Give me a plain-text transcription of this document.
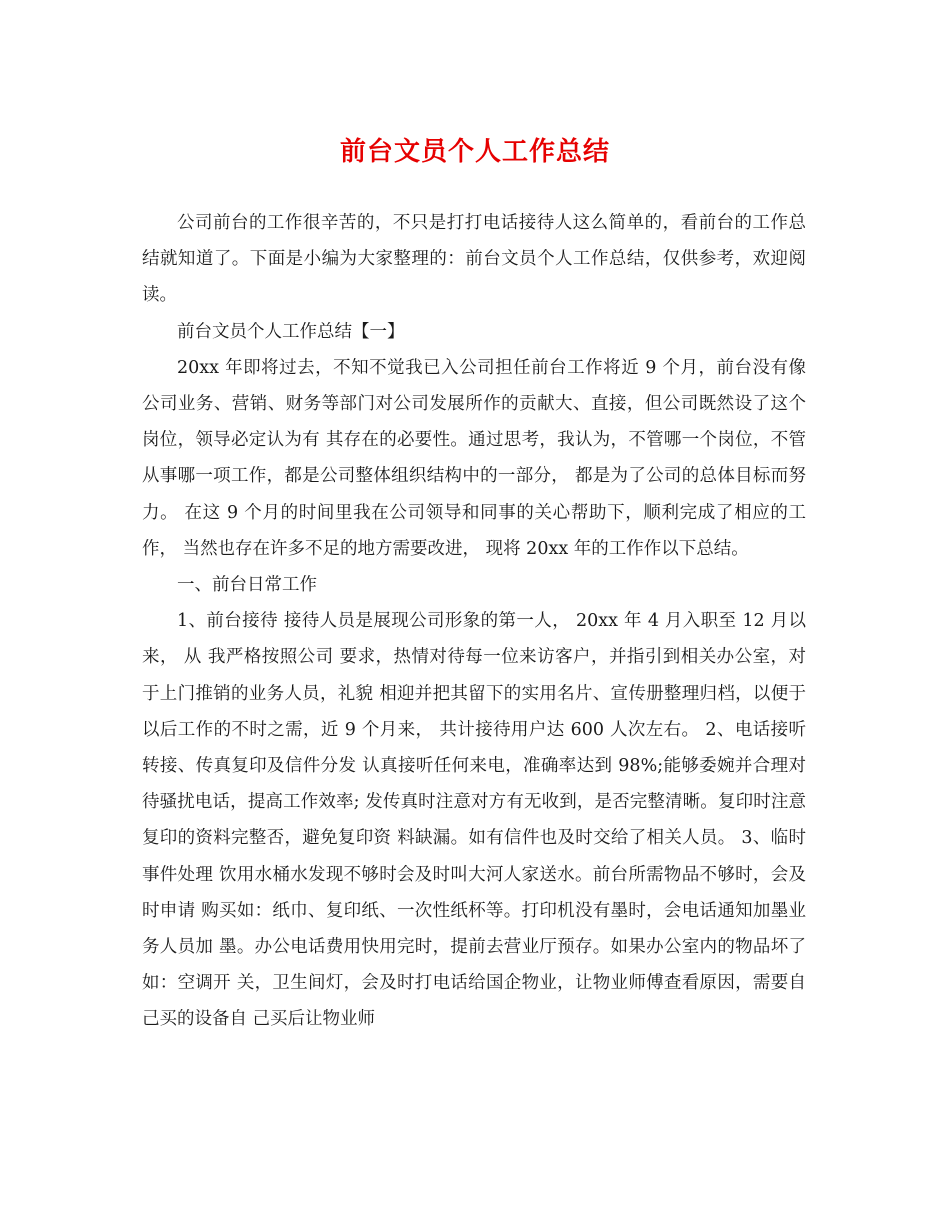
前台文员个人工作总结

公司前台的工作很辛苦的，不只是打打电话接待人这么简单的，看前台的工作总结就知道了。下面是小编为大家整理的：前台文员个人工作总结，仅供参考，欢迎阅读。

前台文员个人工作总结【一】

20xx 年即将过去，不知不觉我已入公司担任前台工作将近 9 个月，前台没有像公司业务、营销、财务等部门对公司发展所作的贡献大、直接，但公司既然设了这个岗位，领导必定认为有 其存在的必要性。通过思考，我认为，不管哪一个岗位，不管从事哪一项工作，都是公司整体组织结构中的一部分， 都是为了公司的总体目标而努力。 在这 9 个月的时间里我在公司领导和同事的关心帮助下，顺利完成了相应的工作， 当然也存在许多不足的地方需要改进， 现将 20xx 年的工作作以下总结。

一、前台日常工作

1、前台接待 接待人员是展现公司形象的第一人， 20xx 年 4 月入职至 12 月以来， 从 我严格按照公司 要求，热情对待每一位来访客户，并指引到相关办公室，对于上门推销的业务人员，礼貌 相迎并把其留下的实用名片、宣传册整理归档，以便于以后工作的不时之需，近 9 个月来， 共计接待用户达 600 人次左右。 2、电话接听转接、传真复印及信件分发 认真接听任何来电，准确率达到 98%;能够委婉并合理对待骚扰电话，提高工作效率; 发传真时注意对方有无收到，是否完整清晰。复印时注意复印的资料完整否，避免复印资 料缺漏。如有信件也及时交给了相关人员。 3、临时事件处理 饮用水桶水发现不够时会及时叫大河人家送水。前台所需物品不够时，会及时申请 购买如：纸巾、复印纸、一次性纸杯等。打印机没有墨时，会电话通知加墨业务人员加 墨。办公电话费用快用完时，提前去营业厅预存。如果办公室内的物品坏了如：空调开 关，卫生间灯，会及时打电话给国企物业，让物业师傅查看原因，需要自己买的设备自 己买后让物业师
